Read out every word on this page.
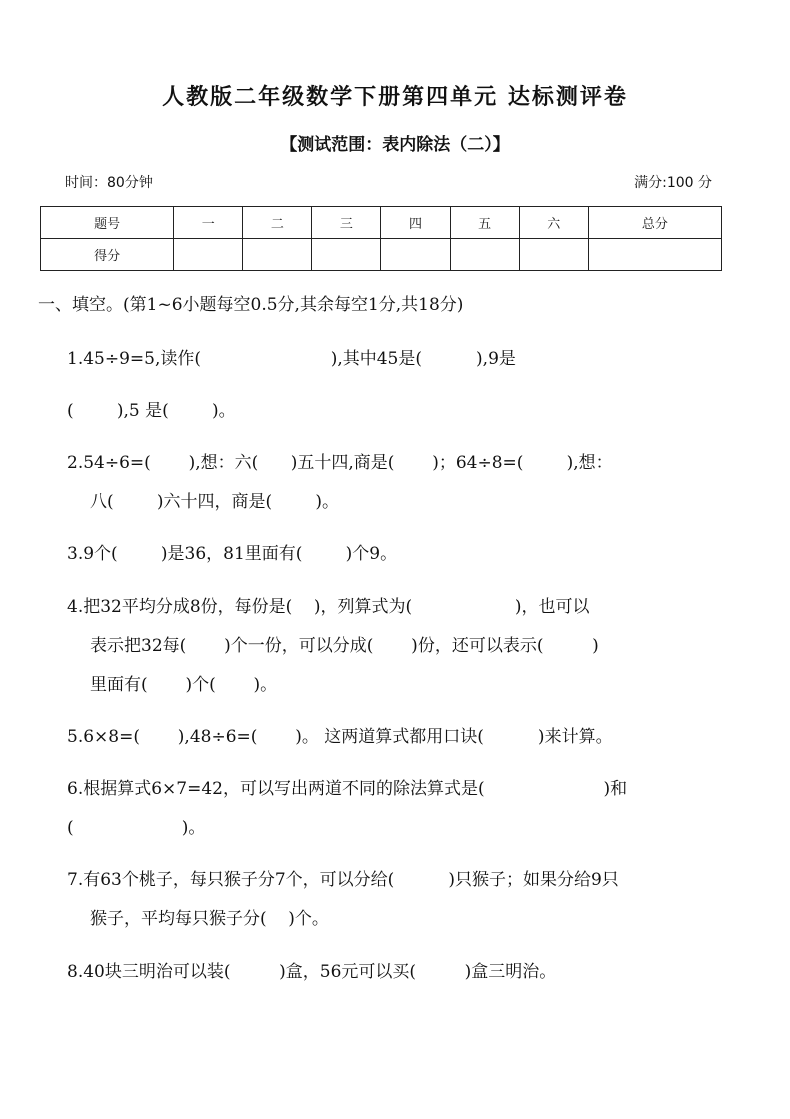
人教版二年级数学下册第四单元 达标测评卷
【测试范围：表内除法（二）】
时间：80分钟	满分:100 分
题号	一	二	三	四	五	六	总分
得分							
一、填空。(第1~6小题每空0.5分,其余每空1分,共18分)
1.45÷9=5,读作(                        ),其中45是(          ),9是
(        ),5 是(        )。
2.54÷6=(       ),想：六(      )五十四,商是(       )；64÷8=(        ),想：
八(        )六十四，商是(        )。
3.9个(        )是36，81里面有(        )个9。
4.把32平均分成8份，每份是(    )，列算式为(                   )，也可以
表示把32每(       )个一份，可以分成(       )份，还可以表示(         )
里面有(       )个(       )。
5.6×8=(       ),48÷6=(       )。 这两道算式都用口诀(          )来计算。
6.根据算式6×7=42，可以写出两道不同的除法算式是(                      )和
(                    )。
7.有63个桃子，每只猴子分7个，可以分给(          )只猴子；如果分给9只
猴子，平均每只猴子分(    )个。
8.40块三明治可以装(         )盒，56元可以买(         )盒三明治。
